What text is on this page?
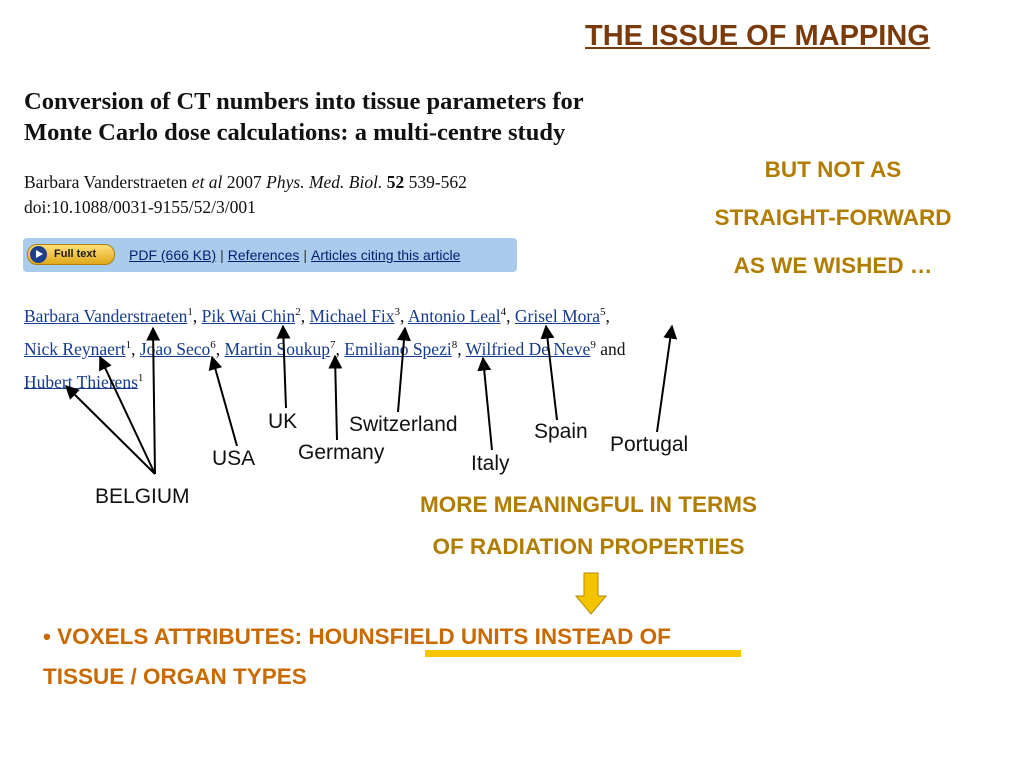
THE ISSUE OF MAPPING
Conversion of CT numbers into tissue parameters for
Monte Carlo dose calculations: a multi-centre study
Barbara Vanderstraeten et al 2007 Phys. Med. Biol. 52 539-562
doi:10.1088/0031-9155/52/3/001
Full text PDF (666 KB) | References | Articles citing this article
Barbara Vanderstraeten$^1$, Pik Wai Chin$^2$, Michael Fix$^3$, Antonio Leal$^4$, Grisel Mora$^5$,
Nick Reynaert$^1$, Joao Seco$^6$, Martin Soukup$^7$, Emiliano Spezi$^8$, Wilfried De Neve$^9$ and
Hubert Thierens$^1$
BUT NOT AS
STRAIGHT-FORWARD
AS WE WISHED …
UK Switzerland	Spain
Portugal
Germany
USA	Italy
BELGIUM	MORE MEANINGFUL IN TERMS
OF RADIATION PROPERTIES
• VOXELS ATTRIBUTES: HOUNSFIELD UNITS INSTEAD OF
TISSUE / ORGAN TYPES
